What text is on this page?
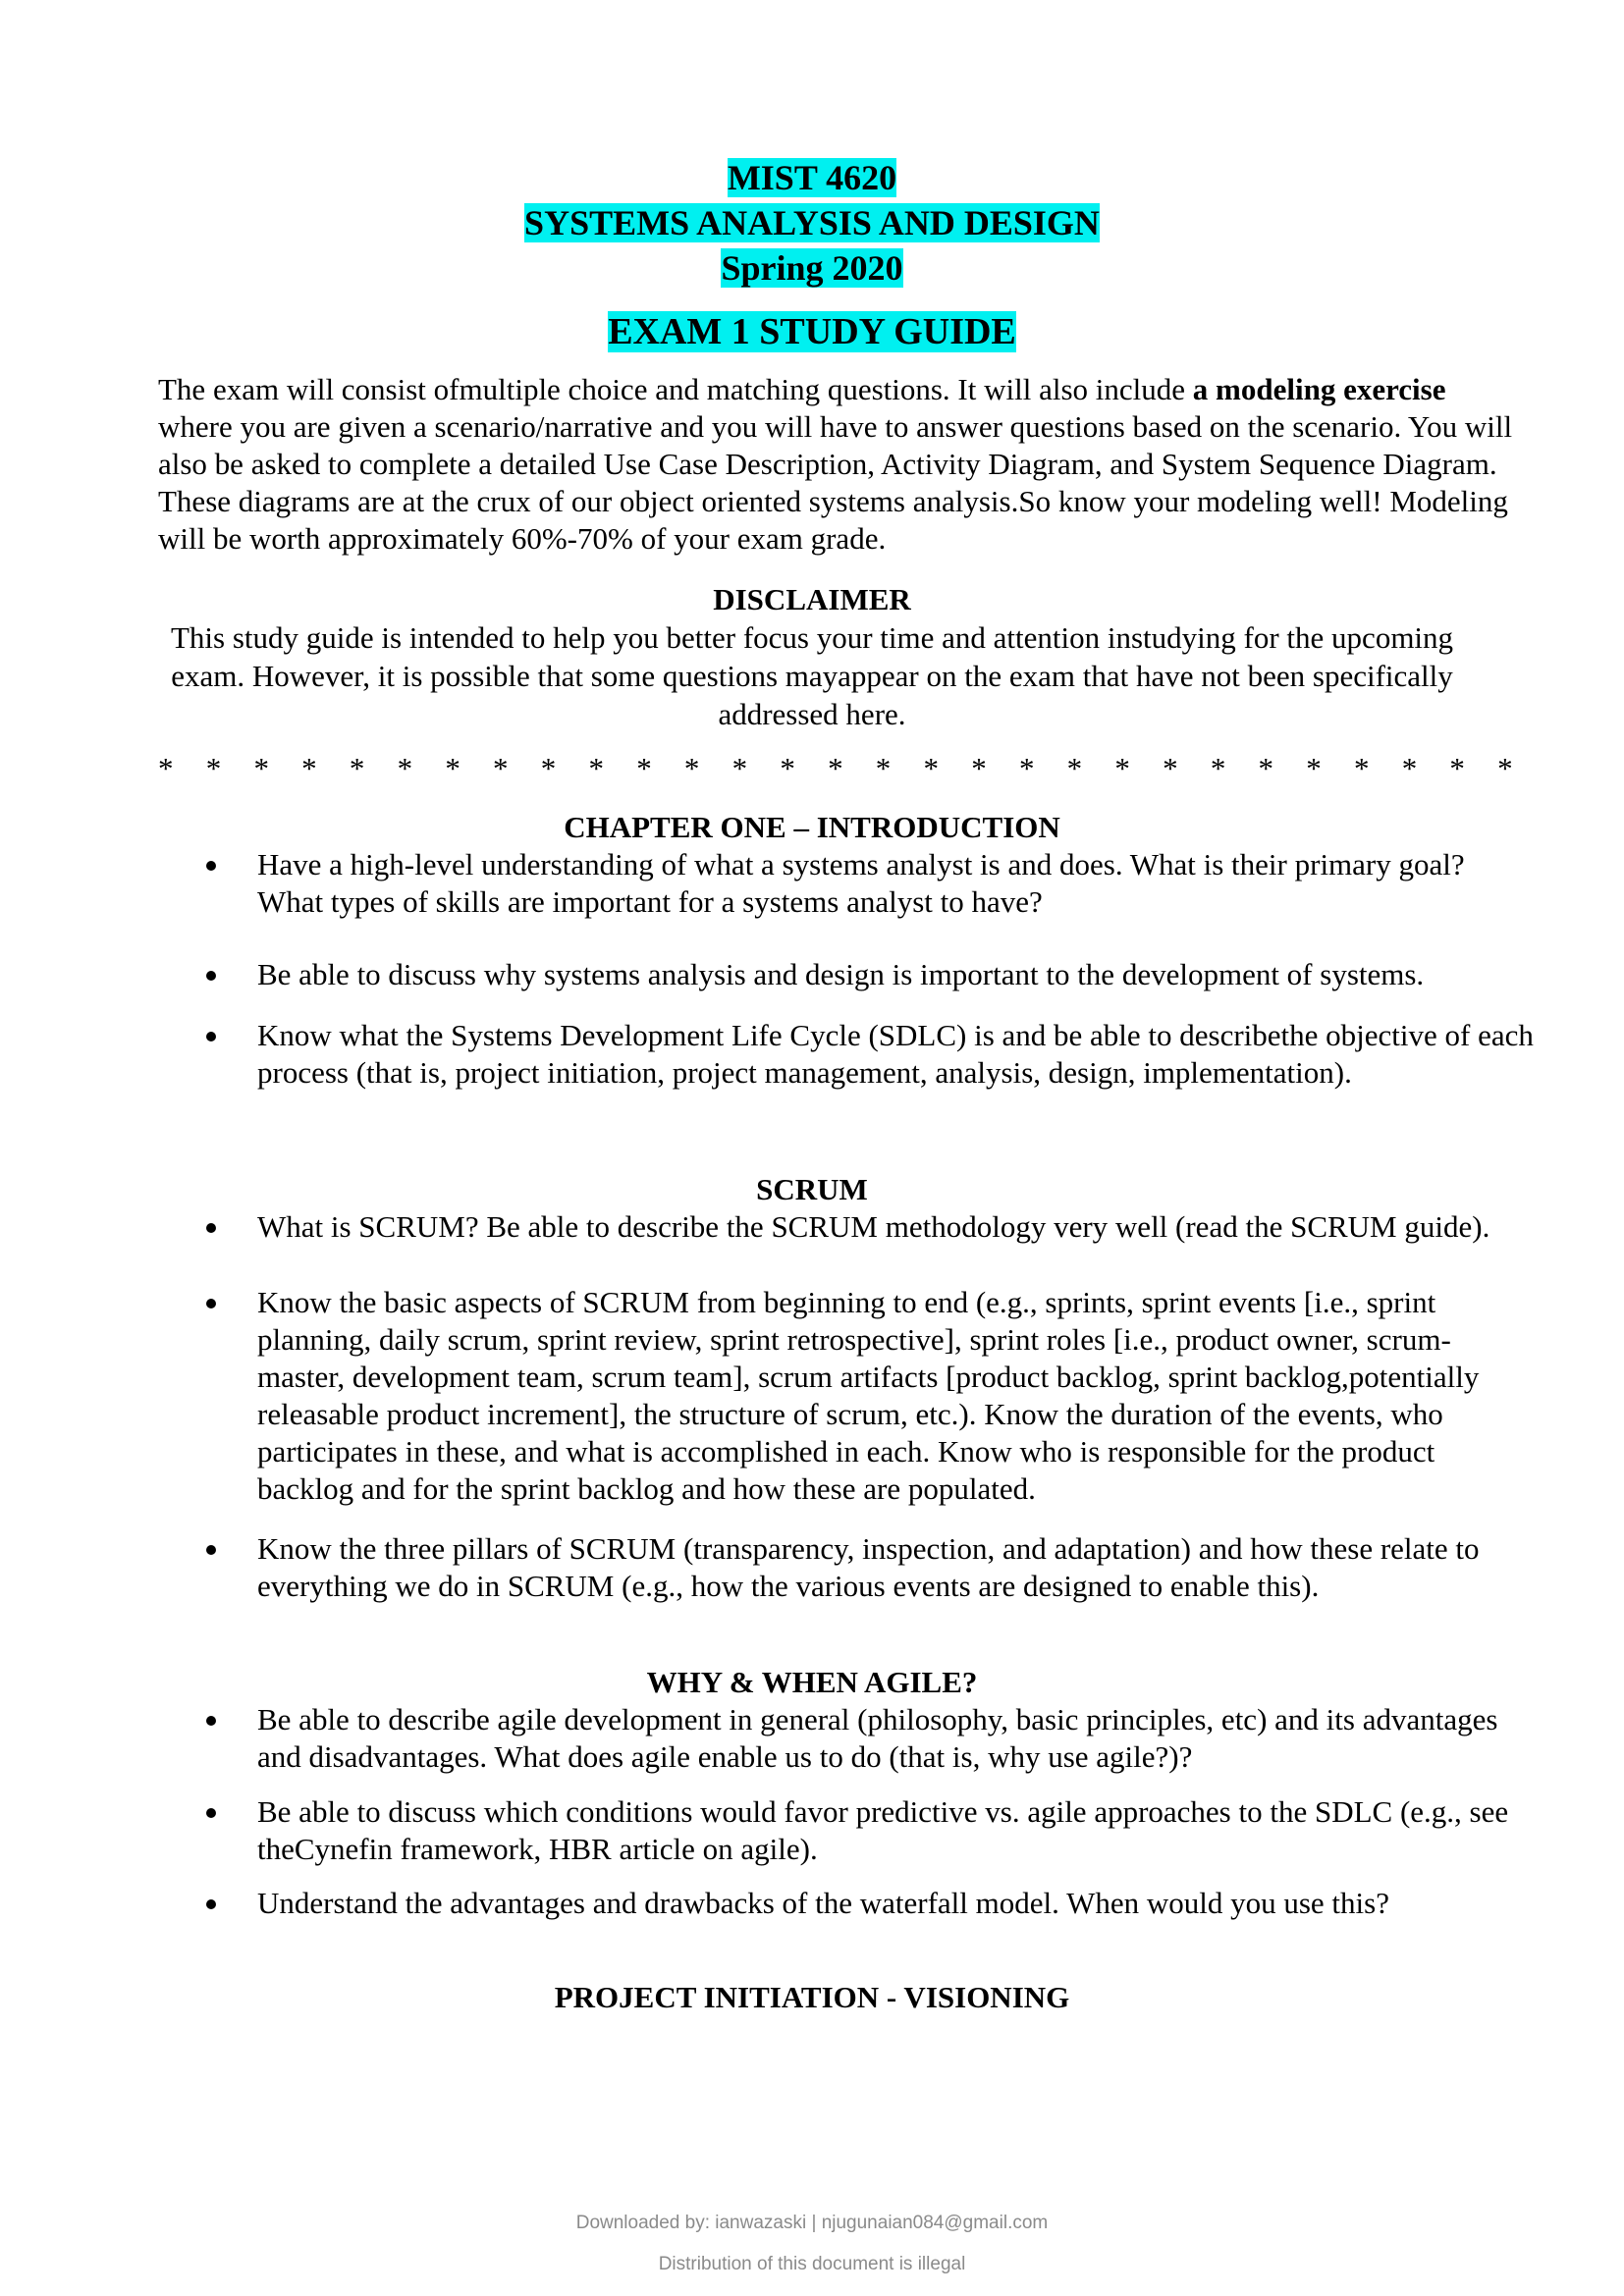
MIST 4620
SYSTEMS ANALYSIS AND DESIGN
Spring 2020
EXAM 1 STUDY GUIDE

The exam will consist ofmultiple choice and matching questions. It will also include a modeling exercise where you are given a scenario/narrative and you will have to answer questions based on the scenario. You will also be asked to complete a detailed Use Case Description, Activity Diagram, and System Sequence Diagram. These diagrams are at the crux of our object oriented systems analysis.So know your modeling well! Modeling will be worth approximately 60%-70% of your exam grade.

DISCLAIMER
This study guide is intended to help you better focus your time and attention instudying for the upcoming exam. However, it is possible that some questions mayappear on the exam that have not been specifically addressed here.
* * * * * * * * * * * * * * * * * * * * * * * * * * * * *
CHAPTER ONE – INTRODUCTION
Have a high-level understanding of what a systems analyst is and does. What is their primary goal? What types of skills are important for a systems analyst to have?
Be able to discuss why systems analysis and design is important to the development of systems.
Know what the Systems Development Life Cycle (SDLC) is and be able to describethe objective of each process (that is, project initiation, project management, analysis, design, implementation).
SCRUM
What is SCRUM? Be able to describe the SCRUM methodology very well (read the SCRUM guide).
Know the basic aspects of SCRUM from beginning to end (e.g., sprints, sprint events [i.e., sprint planning, daily scrum, sprint review, sprint retrospective], sprint roles [i.e., product owner, scrum-master, development team, scrum team], scrum artifacts [product backlog, sprint backlog,potentially releasable product increment], the structure of scrum, etc.). Know the duration of the events, who participates in these, and what is accomplished in each. Know who is responsible for the product backlog and for the sprint backlog and how these are populated.
Know the three pillars of SCRUM (transparency, inspection, and adaptation) and how these relate to everything we do in SCRUM (e.g., how the various events are designed to enable this).
WHY & WHEN AGILE?
Be able to describe agile development in general (philosophy, basic principles, etc) and its advantages and disadvantages. What does agile enable us to do (that is, why use agile?)?
Be able to discuss which conditions would favor predictive vs. agile approaches to the SDLC (e.g., see theCynefin framework, HBR article on agile).
Understand the advantages and drawbacks of the waterfall model. When would you use this?
PROJECT INITIATION - VISIONING
Downloaded by: ianwazaski | njugunaian084@gmail.com
Distribution of this document is illegal
